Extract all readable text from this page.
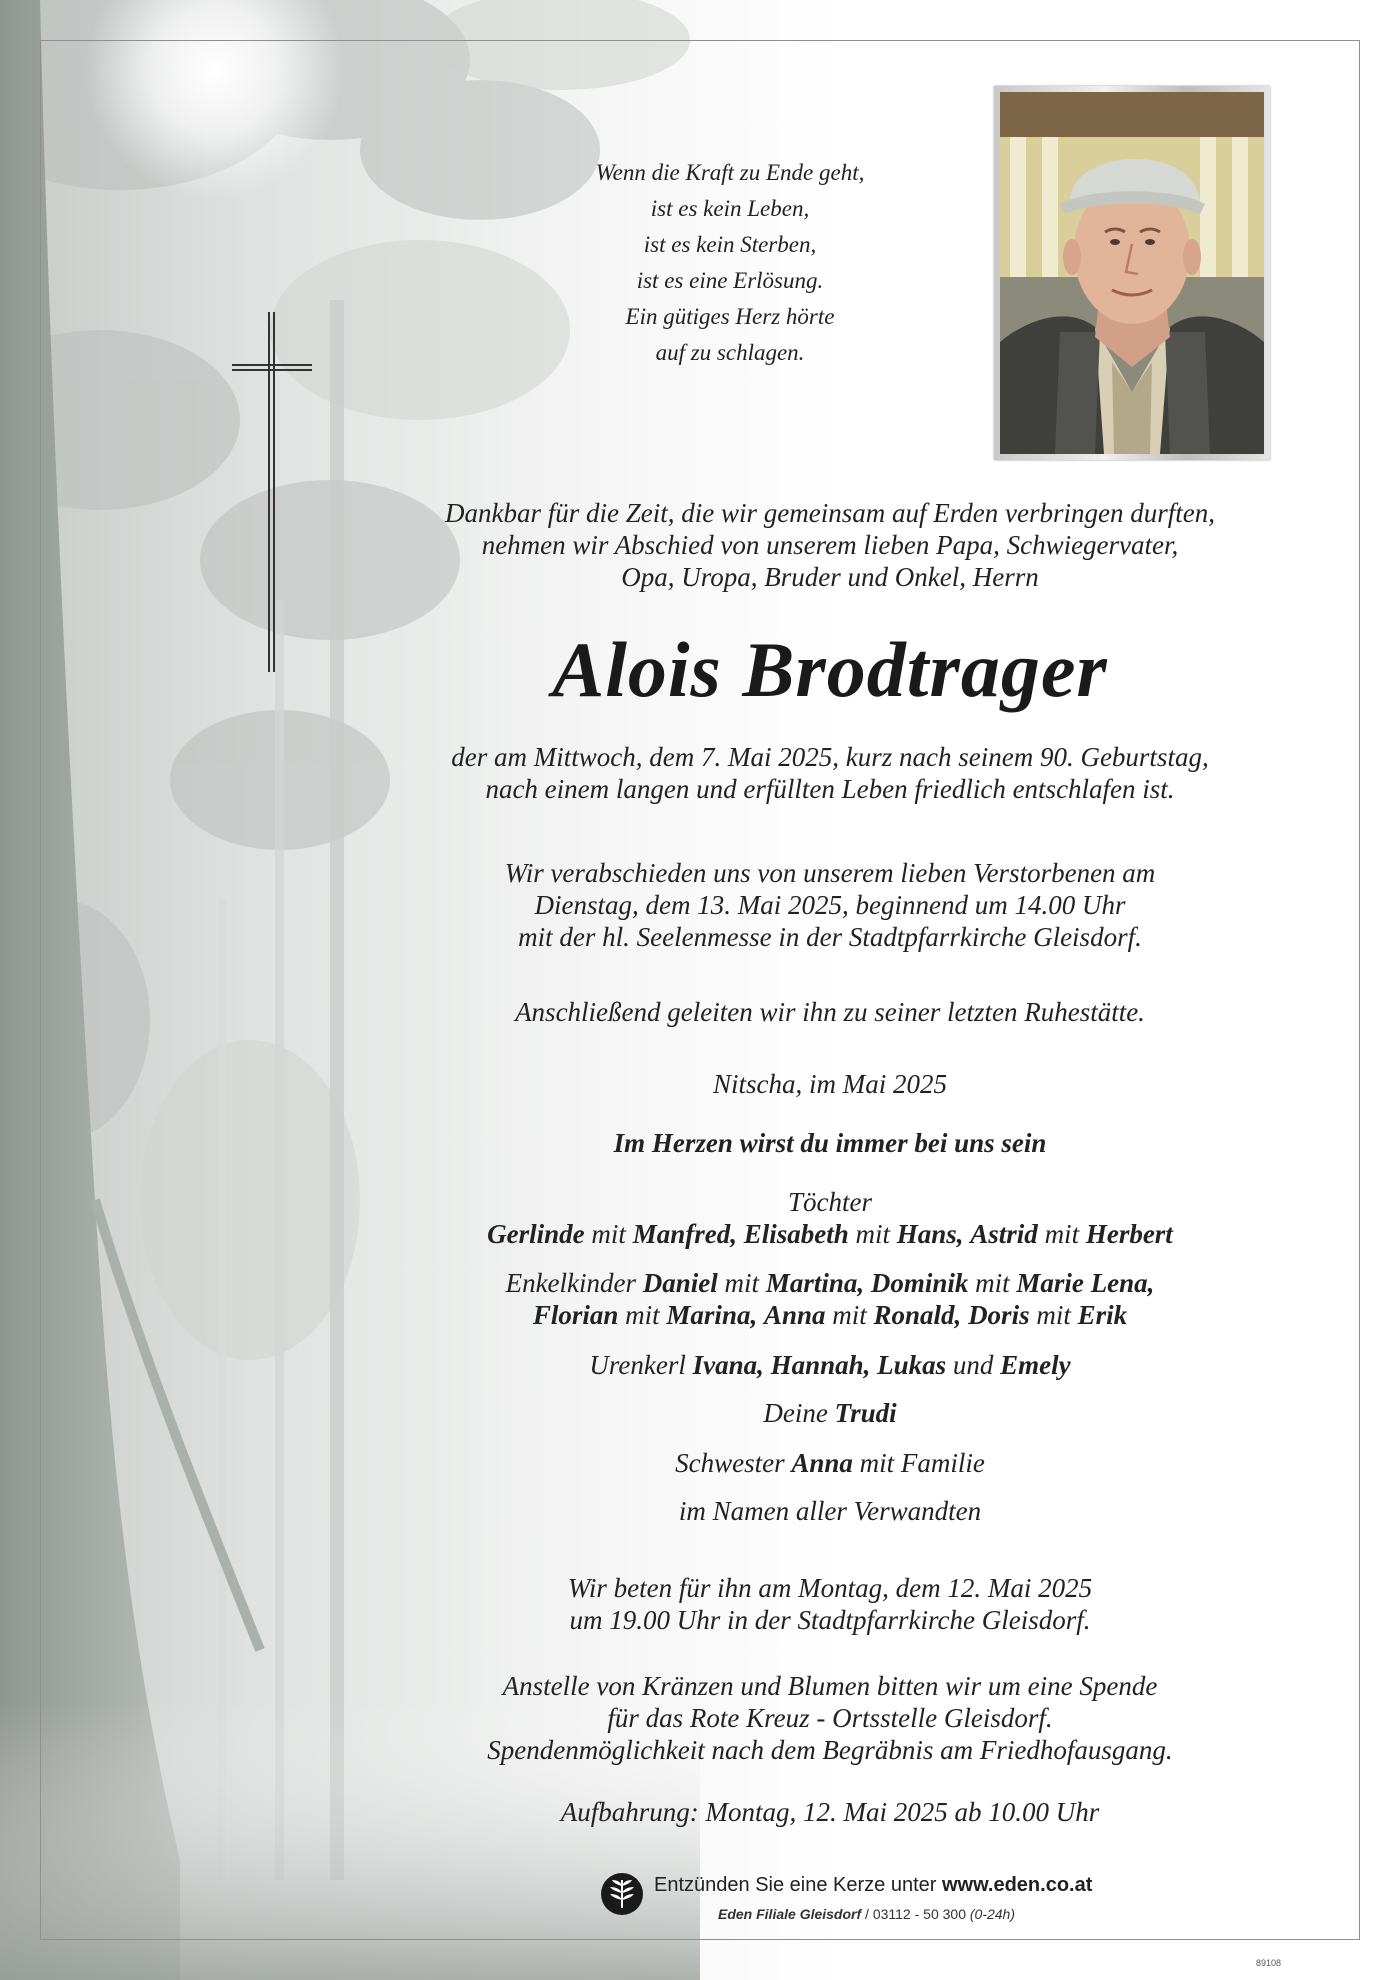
Wenn die Kraft zu Ende geht,
ist es kein Leben,
ist es kein Sterben,
ist es eine Erlösung.
Ein gütiges Herz hörte
auf zu schlagen.
Dankbar für die Zeit, die wir gemeinsam auf Erden verbringen durften,
nehmen wir Abschied von unserem lieben Papa, Schwiegervater,
Opa, Uropa, Bruder und Onkel, Herrn
Alois Brodtrager
der am Mittwoch, dem 7. Mai 2025, kurz nach seinem 90. Geburtstag,
nach einem langen und erfüllten Leben friedlich entschlafen ist.
Wir verabschieden uns von unserem lieben Verstorbenen am
Dienstag, dem 13. Mai 2025, beginnend um 14.00 Uhr
mit der hl. Seelenmesse in der Stadtpfarrkirche Gleisdorf.
Anschließend geleiten wir ihn zu seiner letzten Ruhestätte.
Nitscha, im Mai 2025
Im Herzen wirst du immer bei uns sein
Töchter
Gerlinde mit Manfred, Elisabeth mit Hans, Astrid mit Herbert
Enkelkinder Daniel mit Martina, Dominik mit Marie Lena,
Florian mit Marina, Anna mit Ronald, Doris mit Erik
Urenkerl Ivana, Hannah, Lukas und Emely
Deine Trudi
Schwester Anna mit Familie
im Namen aller Verwandten
Wir beten für ihn am Montag, dem 12. Mai 2025
um 19.00 Uhr in der Stadtpfarrkirche Gleisdorf.
Anstelle von Kränzen und Blumen bitten wir um eine Spende
für das Rote Kreuz - Ortsstelle Gleisdorf.
Spendenmöglichkeit nach dem Begräbnis am Friedhofausgang.
Aufbahrung: Montag, 12. Mai 2025 ab 10.00 Uhr
Entzünden Sie eine Kerze unter www.eden.co.at
Eden Filiale Gleisdorf / 03112 - 50 300 (0-24h)
89108
